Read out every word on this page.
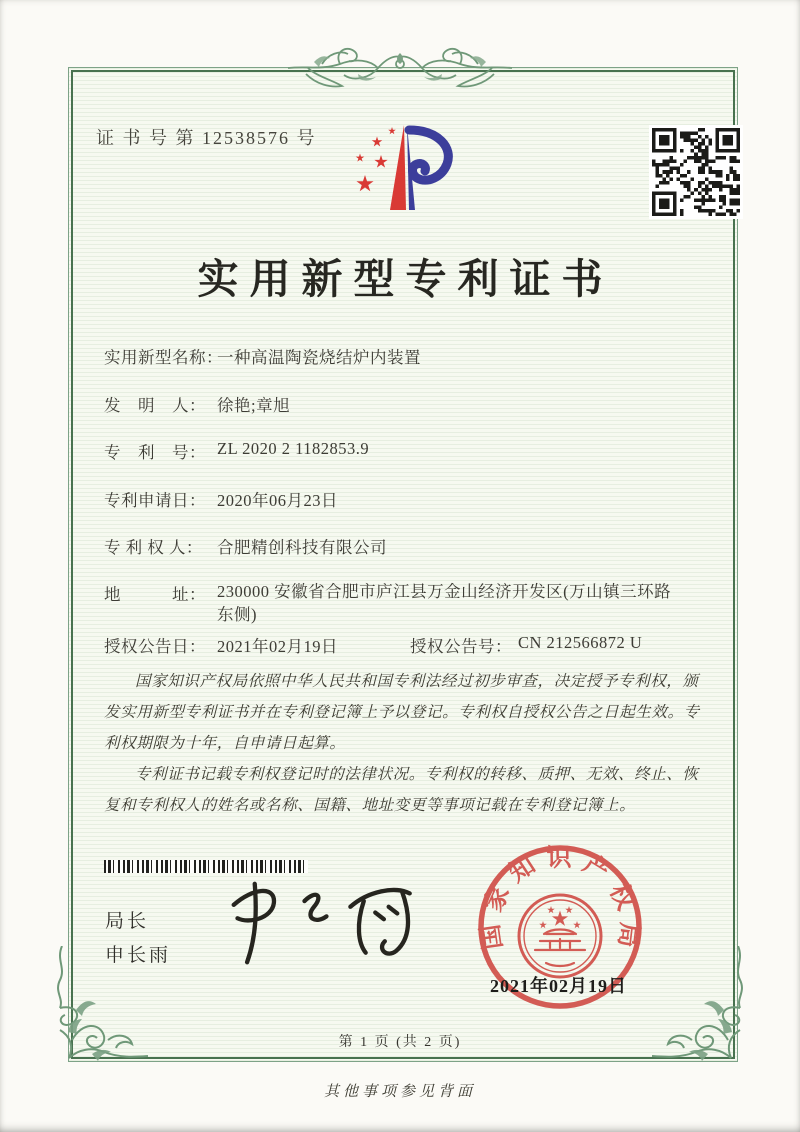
证 书 号 第 12538576 号
实用新型专利证书
实用新型名称：一种高温陶瓷烧结炉内装置
发　明　人： 徐艳;章旭
专　利　号： ZL 2020 2 1182853.9
专利申请日： 2020年06月23日
专 利 权 人： 合肥精创科技有限公司
地　　　址： 230000 安徽省合肥市庐江县万金山经济开发区(万山镇三环路东侧)
授权公告日： 2021年02月19日	授权公告号： CN 212566872 U

国家知识产权局依照中华人民共和国专利法经过初步审查，决定授予专利权，颁发实用新型专利证书并在专利登记簿上予以登记。专利权自授权公告之日起生效。专利权期限为十年，自申请日起算。

专利证书记载专利权登记时的法律状况。专利权的转移、质押、无效、终止、恢复和专利权人的姓名或名称、国籍、地址变更等事项记载在专利登记簿上。

局长
申长雨
国家知识产权局
2021年02月19日
第 1 页 (共 2 页)
其他事项参见背面
